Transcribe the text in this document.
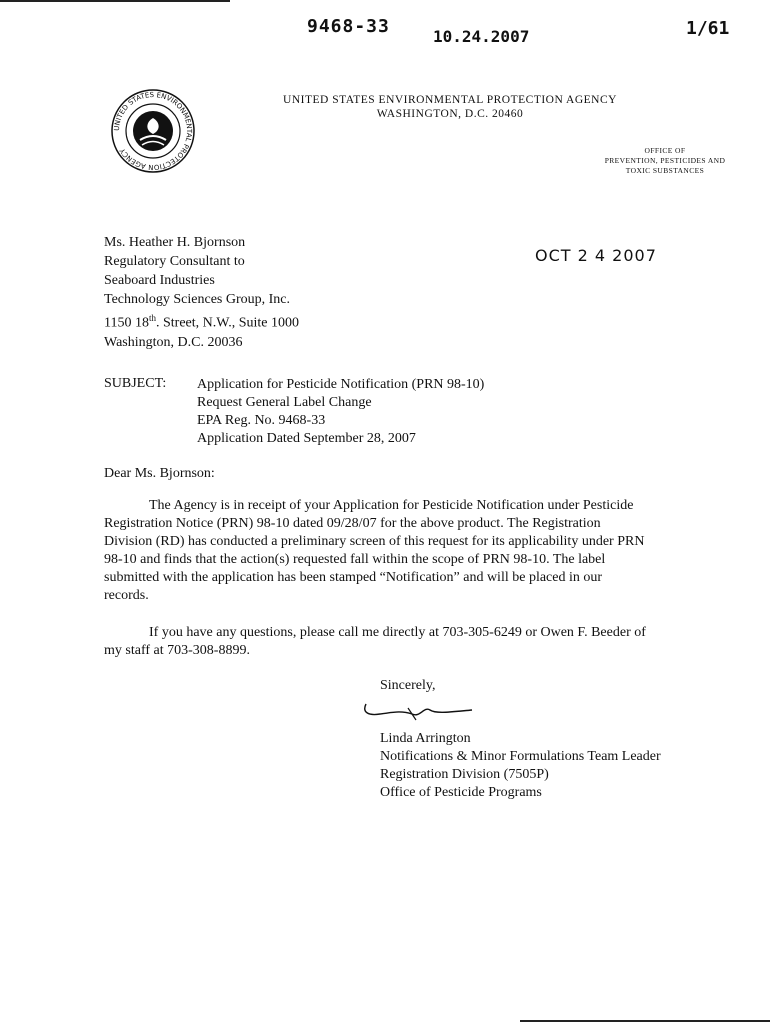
9468-33	10.24.2007	1/61
UNITED STATES ENVIRONMENTAL PROTECTION AGENCY
UNITED STATES ENVIRONMENTAL PROTECTION AGENCY
WASHINGTON, D.C. 20460
OFFICE OF
PREVENTION, PESTICIDES AND
TOXIC SUBSTANCES
Ms. Heather H. Bjornson
Regulatory Consultant to
Seaboard Industries
Technology Sciences Group, Inc.
1150 18th. Street, N.W., Suite 1000
Washington, D.C. 20036
OCT 2 4 2007
SUBJECT: Application for Pesticide Notification (PRN 98-10)
Request General Label Change
EPA Reg. No. 9468-33
Application Dated September 28, 2007
Dear Ms. Bjornson:
The Agency is in receipt of your Application for Pesticide Notification under Pesticide
Registration Notice (PRN) 98-10 dated 09/28/07 for the above product. The Registration
Division (RD) has conducted a preliminary screen of this request for its applicability under PRN
98-10 and finds that the action(s) requested fall within the scope of PRN 98-10. The label
submitted with the application has been stamped “Notification” and will be placed in our
records.
If you have any questions, please call me directly at 703-305-6249 or Owen F. Beeder of
my staff at 703-308-8899.
Sincerely,
Linda Arrington
Notifications & Minor Formulations Team Leader
Registration Division (7505P)
Office of Pesticide Programs
